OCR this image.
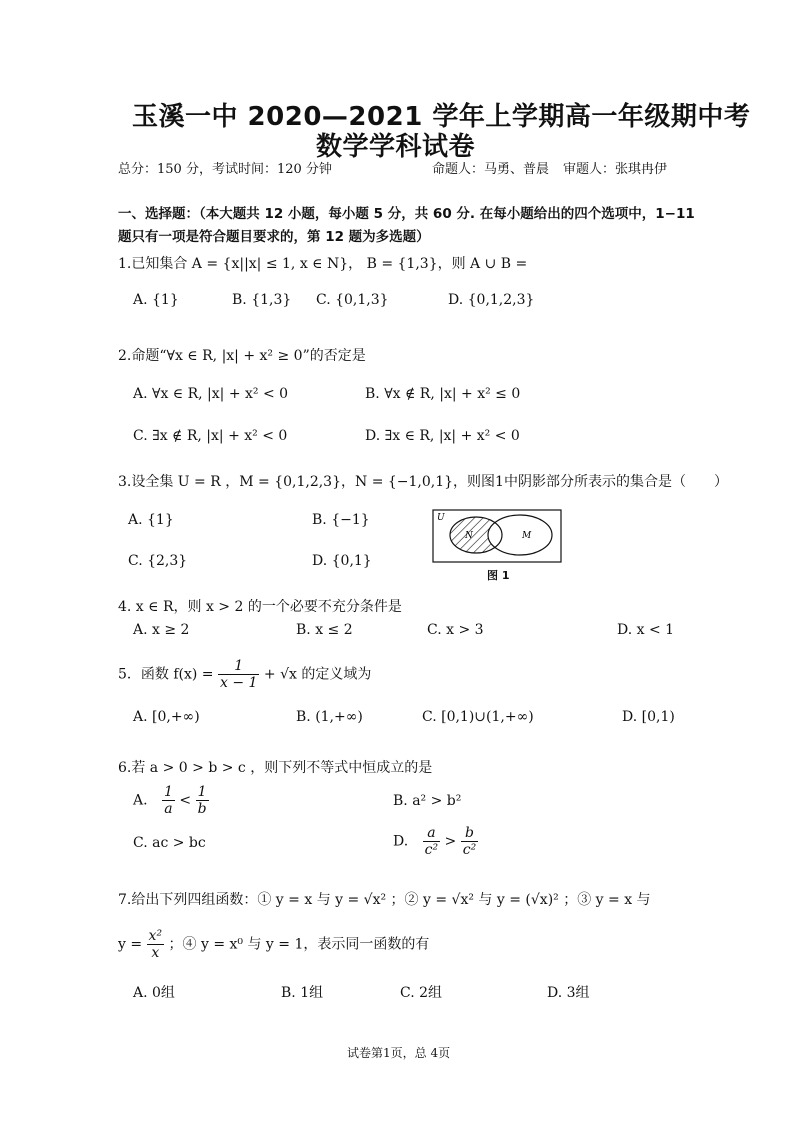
玉溪一中 2020—2021 学年上学期高一年级期中考
数学学科试卷
总分：150 分，考试时间：120 分钟	命题人：马勇、普晨 审题人：张琪冉伊
一、选择题：（本大题共 12 小题，每小题 5 分，共 60 分. 在每小题给出的四个选项中，1−11
题只有一项是符合题目要求的，第 12 题为多选题）
1.已知集合 A = {x||x| ≤ 1, x ∈ N}， B = {1,3}，则 A ∪ B =
A. {1}	B. {1,3} C. {0,1,3}	D. {0,1,2,3}
2.命题“∀x ∈ R, |x| + x² ≥ 0”的否定是
A. ∀x ∈ R, |x| + x² < 0	B. ∀x ∉ R, |x| + x² ≤ 0
C. ∃x ∉ R, |x| + x² < 0	D. ∃x ∈ R, |x| + x² < 0
3.设全集 U = R ，M = {0,1,2,3}，N = {−1,0,1}，则图1中阴影部分所表示的集合是（　　）
A. {1}	B. {−1}
C. {2,3}	D. {0,1}
U
N	M
图 1
4. x ∈ R，则 x > 2 的一个必要不充分条件是
A. x ≥ 2	B. x ≤ 2	C. x > 3	D. x < 1
5．函数 $f(x) = \frac{1}{x - 1} + √x$ 的定义域为
A. [0,+∞)	B. (1,+∞)	C. [0,1)∪(1,+∞)	D. [0,1)
6.若 a > 0 > b > c ，则下列不等式中恒成立的是
A. $\frac{1}{a} < \frac{1}{b}$	B. a² > b²
C. ac > bc	D. $\frac{a}{\text{c²}} > \frac{b}{\text{c²}}$
7.给出下列四组函数：① y = x 与 y = √x² ；② y = √x² 与 y = (√x)² ；③ y = x 与
$y = \frac{\text{x²}}{x}$ ；④ y = x⁰ 与 y = 1，表示同一函数的有
A. 0组	B. 1组	C. 2组	D. 3组
试卷第1页，总 4页
